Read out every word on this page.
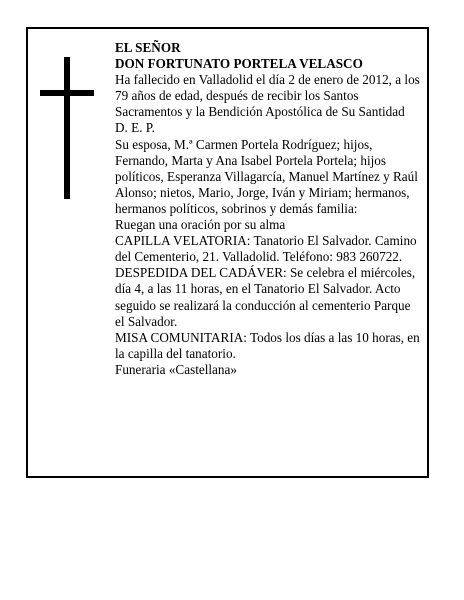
EL SEÑOR

DON FORTUNATO PORTELA VELASCO

Ha fallecido en Valladolid el día 2 de enero de 2012, a los 79 años de edad, después de recibir los Santos Sacramentos y la Bendición Apostólica de Su Santidad D. E. P.

Su esposa, M.ª Carmen Portela Rodríguez; hijos, Fernando, Marta y Ana Isabel Portela Portela; hijos políticos, Esperanza Villagarcía, Manuel Martínez y Raúl Alonso; nietos, Mario, Jorge, Iván y Miriam; hermanos, hermanos políticos, sobrinos y demás familia:

Ruegan una oración por su alma

CAPILLA VELATORIA: Tanatorio El Salvador. Camino del Cementerio, 21. Valladolid. Teléfono: 983 260722.

DESPEDIDA DEL CADÁVER: Se celebra el miércoles, día 4, a las 11 horas, en el Tanatorio El Salvador. Acto seguido se realizará la conducción al cementerio Parque el Salvador.

MISA COMUNITARIA: Todos los días a las 10 horas, en la capilla del tanatorio.

Funeraria «Castellana»
